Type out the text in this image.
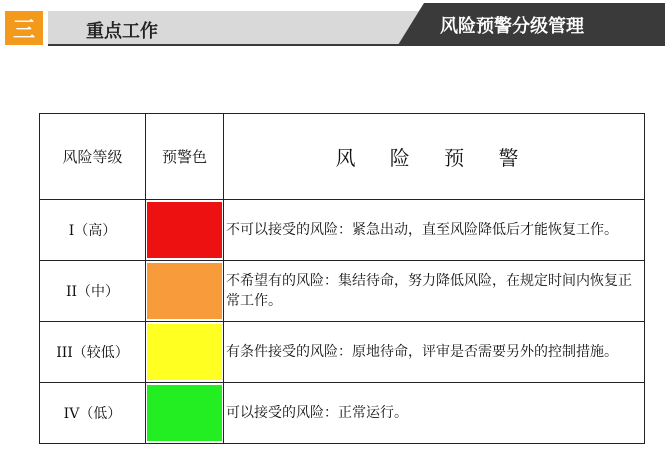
三	重点工作	风险预警分级管理
风险等级	预警色	风 险 预 警
I（高）		不可以接受的风险：紧急出动，直至风险降低后才能恢复工作。
II（中）		不希望有的风险：集结待命，努力降低风险，在规定时间内恢复正常工作。
III（较低）		有条件接受的风险：原地待命，评审是否需要另外的控制措施。
IV（低）		可以接受的风险：正常运行。
